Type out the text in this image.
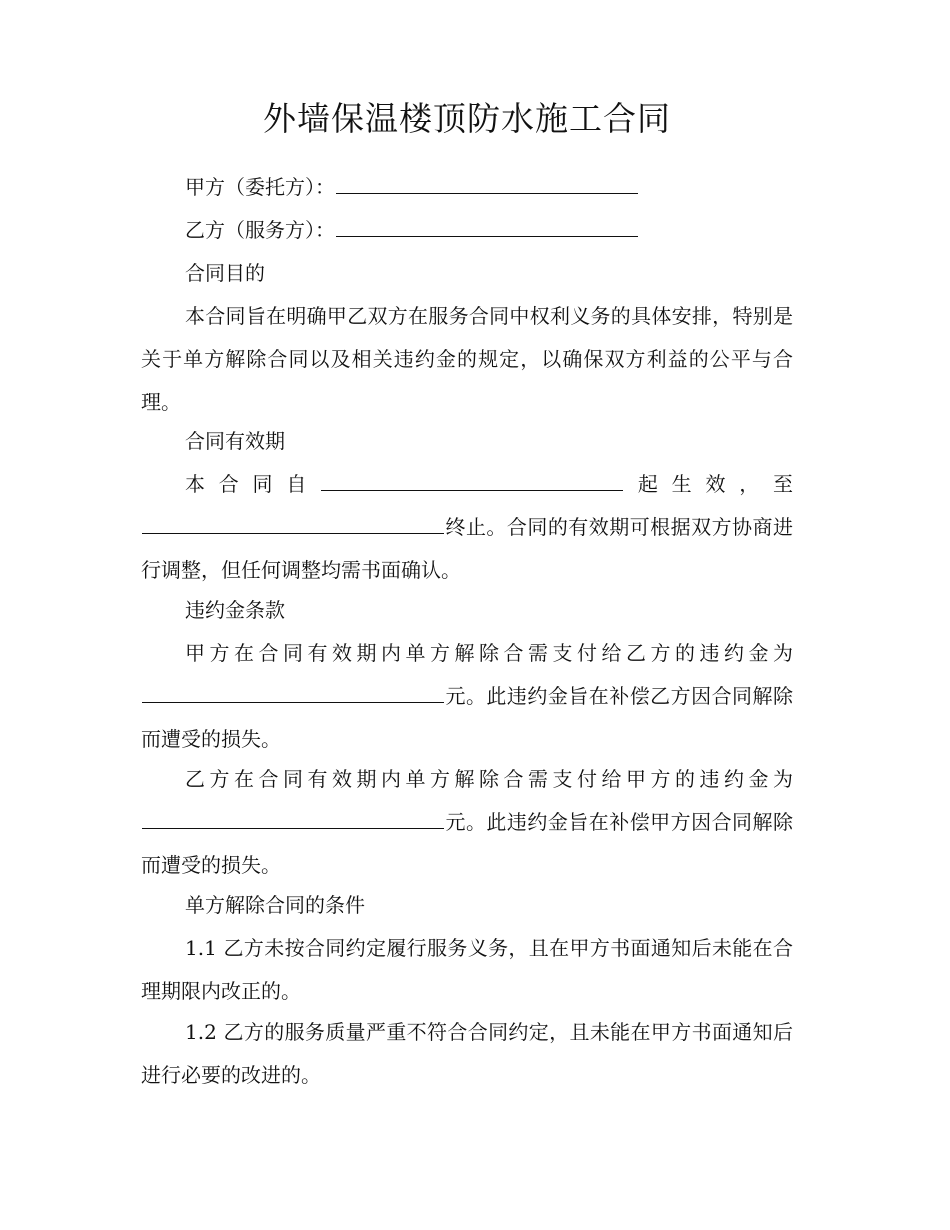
外墙保温楼顶防水施工合同

甲方（委托方）：

乙方（服务方）：

合同目的

本合同旨在明确甲乙双方在服务合同中权利义务的具体安排，特别是关于单方解除合同以及相关违约金的规定，以确保双方利益的公平与合理。

合同有效期

本合同自	起生效，至终止。合同的有效期可根据双方协商进行调整，但任何调整均需书面确认。

违约金条款

甲方在合同有效期内单方解除合需支付给乙方的违约金为元。此违约金旨在补偿乙方因合同解除而遭受的损失。

乙方在合同有效期内单方解除合需支付给甲方的违约金为元。此违约金旨在补偿甲方因合同解除而遭受的损失。

单方解除合同的条件

1.1 乙方未按合同约定履行服务义务，且在甲方书面通知后未能在合理期限内改正的。

1.2 乙方的服务质量严重不符合合同约定，且未能在甲方书面通知后进行必要的改进的。
